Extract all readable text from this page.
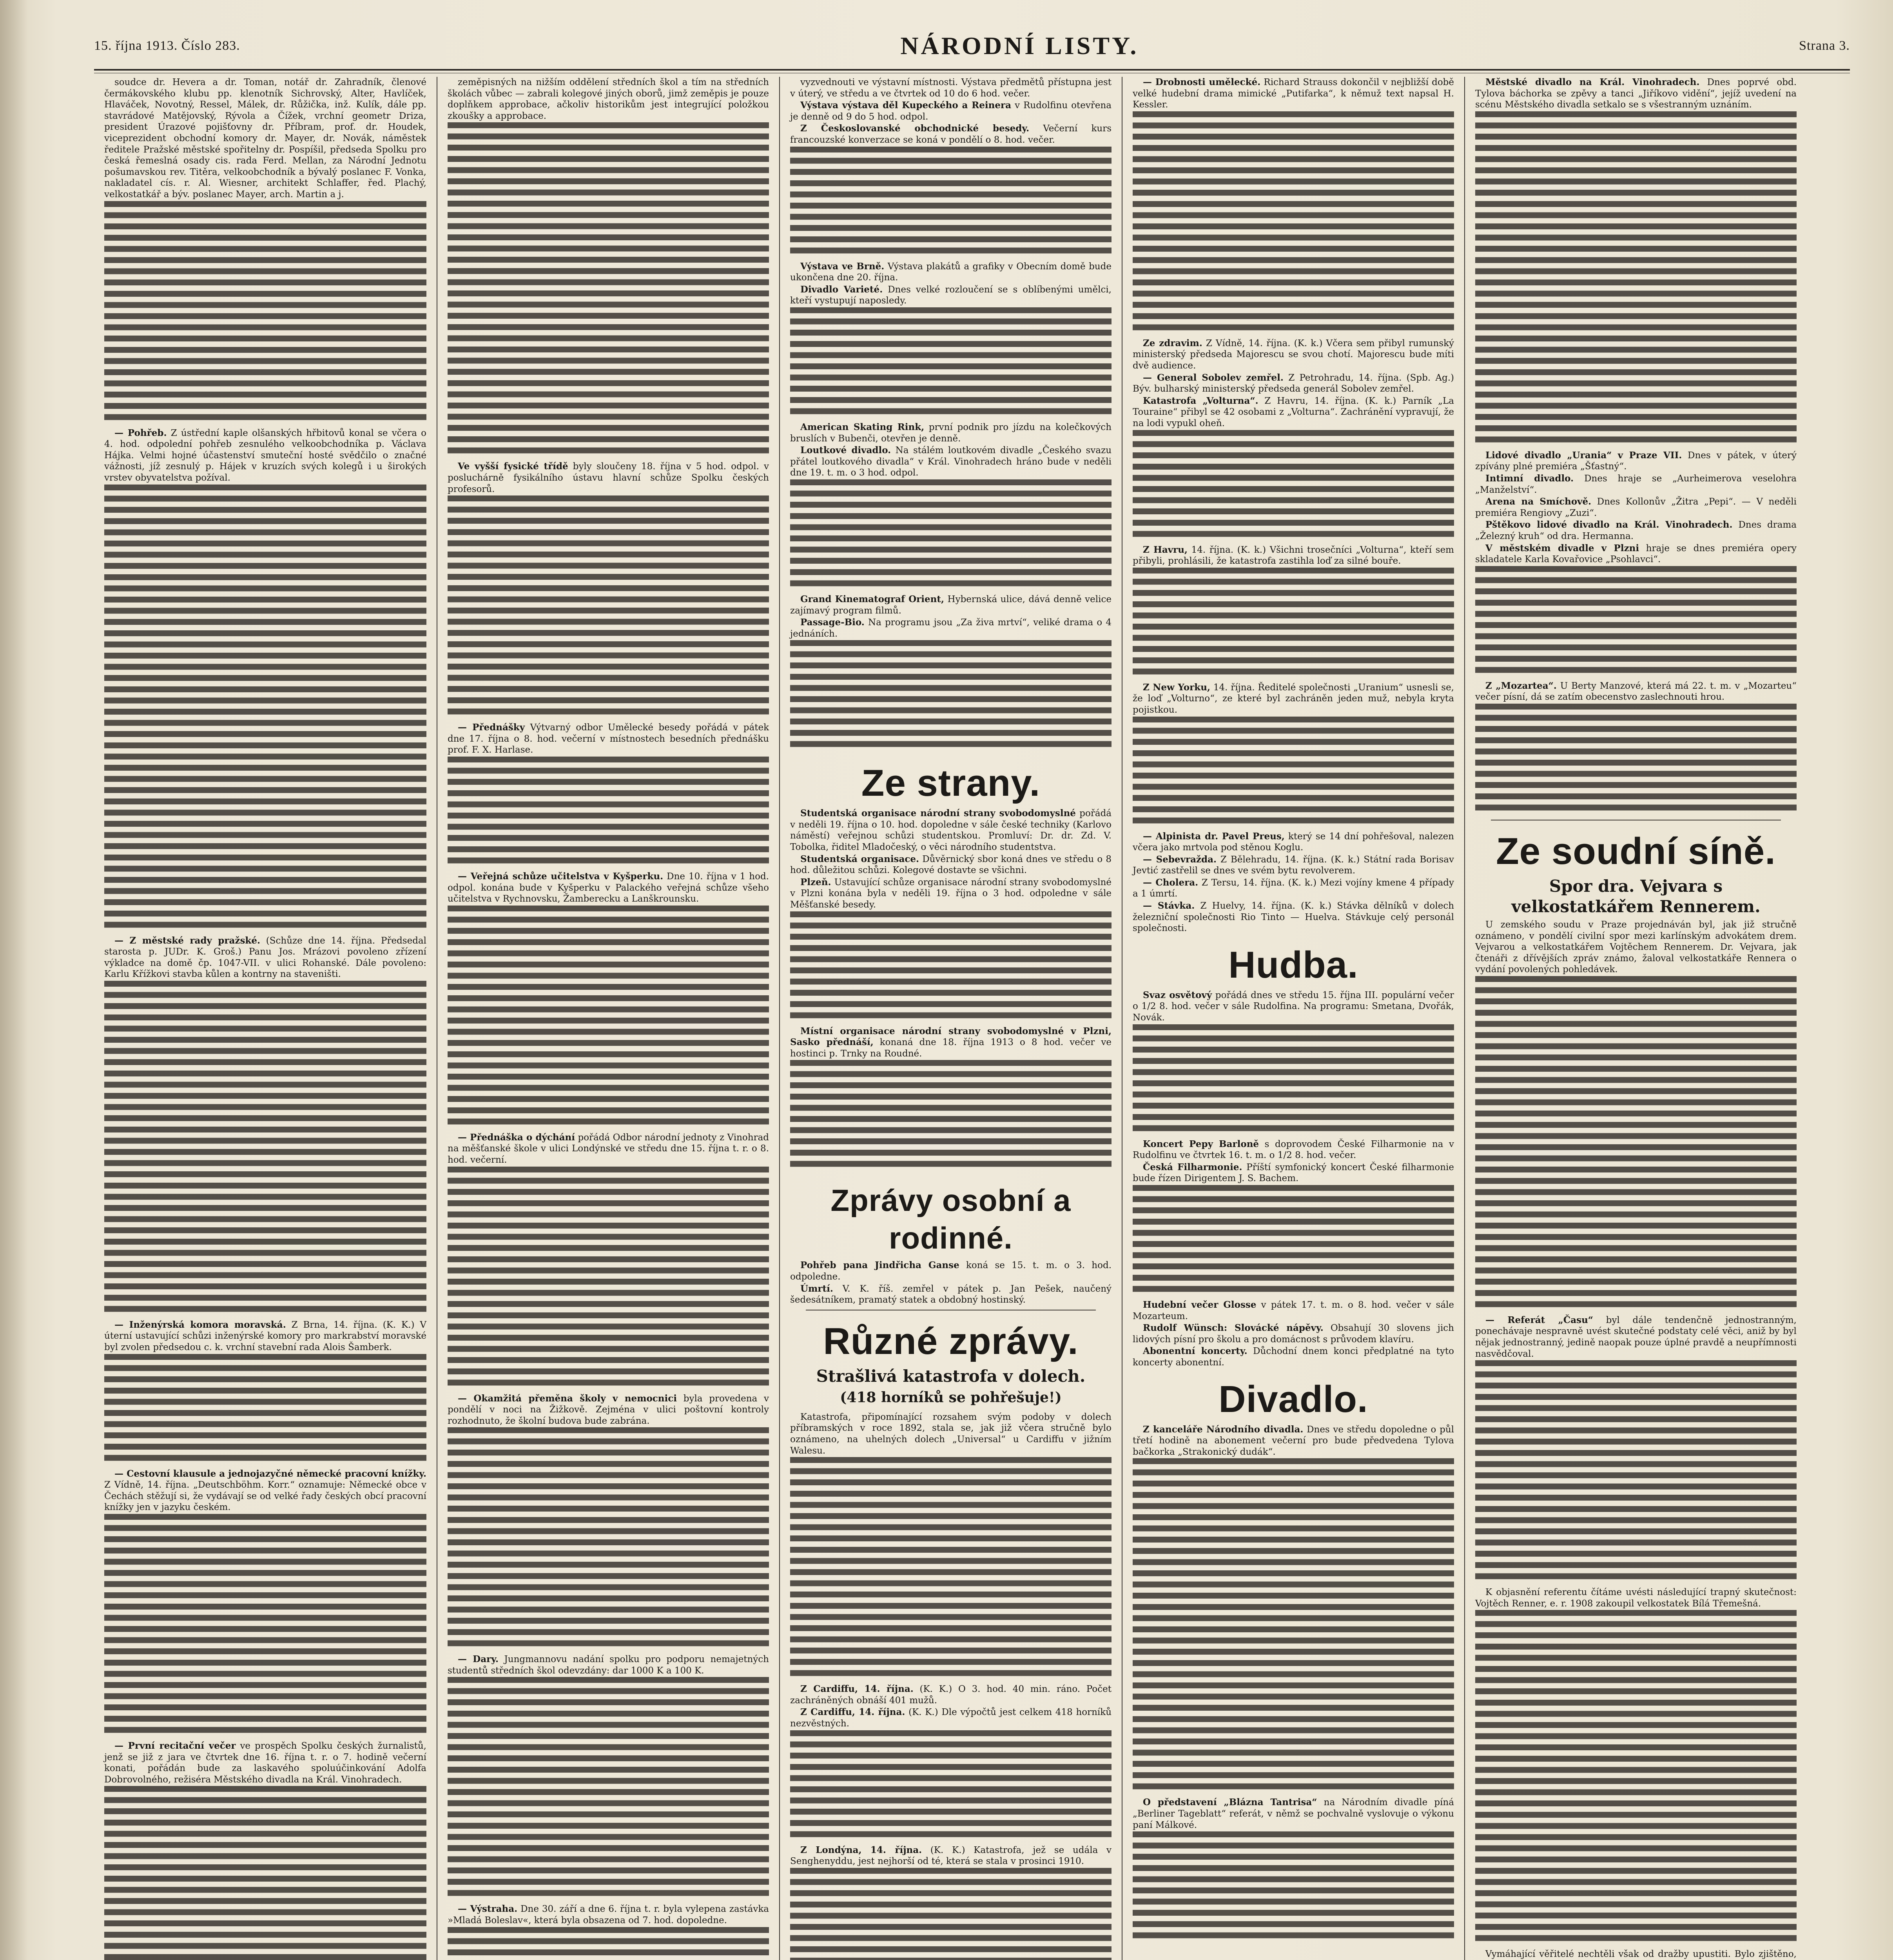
15. října 1913. Číslo 283.	NÁRODNÍ LISTY.	Strana 3.

soudce dr. Hevera a dr. Toman, notář dr. Zahradník, členové čermákovského klubu pp. klenotník Sichrovský, Alter, Havlíček, Hlaváček, Novotný, Ressel, Málek, dr. Růžička, inž. Kulík, dále pp. stavrádové Matějovský, Rývola a Čížek, vrchní geometr Driza, president Úrazové pojišťovny dr. Příbram, prof. dr. Houdek, viceprezident obchodní komory dr. Mayer, dr. Novák, náměstek ředitele Pražské městské spořitelny dr. Pospíšil, předseda Spolku pro česká řemeslná osady cis. rada Ferd. Mellan, za Národní Jednotu pošumavskou rev. Titěra, velkoobchodník a bývalý poslanec F. Vonka, nakladatel cís. r. Al. Wiesner, architekt Schlaffer, řed. Plachý, velkostatkář a býv. poslanec Mayer, arch. Martin a j.

— Pohřeb. Z ústřední kaple olšanských hřbitovů konal se včera o 4. hod. odpolední pohřeb zesnulého velkoobchodníka p. Václava Hájka. Velmi hojné účastenství smuteční hosté svědčilo o značné vážnosti, jíž zesnulý p. Hájek v kruzích svých kolegů i u širokých vrstev obyvatelstva požíval.

— Z městské rady pražské. (Schůze dne 14. října. Předsedal starosta p. JUDr. K. Groš.) Panu Jos. Mrázovi povoleno zřízení výkladce na domě čp. 1047-VII. v ulici Rohanské. Dále povoleno: Karlu Křížkovi stavba kůlen a kontrny na staveništi.

— Inženýrská komora moravská. Z Brna, 14. října. (K. K.) V úterní ustavující schůzi inženýrské komory pro markrabství moravské byl zvolen předsedou c. k. vrchní stavební rada Alois Šamberk.

— Cestovní klausule a jednojazyčné německé pracovní knížky. Z Vídně, 14. října. „Deutschböhm. Korr.“ oznamuje: Německé obce v Čechách stěžují si, že vydávají se od velké řady českých obcí pracovní knížky jen v jazyku českém.

— První recitační večer ve prospěch Spolku českých žurnalistů, jenž se již z jara ve čtvrtek dne 16. října t. r. o 7. hodině večerní konati, pořádán bude za laskavého spoluúčinkování Adolfa Dobrovolného, režiséra Městského divadla na Král. Vinohradech.

zeměpisných na nižším oddělení středních škol a tím na středních školách vůbec — zabrali kolegové jiných oborů, jimž zeměpis je pouze doplňkem approbace, ačkoliv historikům jest integrující položkou zkoušky a approbace.

Ve vyšší fysické třídě byly sloučeny 18. října v 5 hod. odpol. v posluchárně fysikálního ústavu hlavní schůze Spolku českých profesorů.

— Přednášky Výtvarný odbor Umělecké besedy pořádá v pátek dne 17. října o 8. hod. večerní v místnostech besedních přednášku prof. F. X. Harlase.

— Veřejná schůze učitelstva v Kyšperku. Dne 10. října v 1 hod. odpol. konána bude v Kyšperku v Palackého veřejná schůze všeho učitelstva v Rychnovsku, Žamberecku a Lanškrounsku.

— Přednáška o dýchání pořádá Odbor národní jednoty z Vinohrad na měšťanské škole v ulici Londýnské ve středu dne 15. října t. r. o 8. hod. večerní.

— Okamžitá přeměna školy v nemocnici byla provedena v pondělí v noci na Žižkově. Zejména v ulici poštovní kontroly rozhodnuto, že školní budova bude zabrána.

— Dary. Jungmannovu nadání spolku pro podporu nemajetných studentů středních škol odevzdány: dar 1000 K a 100 K.

— Výstraha. Dne 30. září a dne 6. října t. r. byla vylepena zastávka »Mladá Boleslav«, která byla obsazena od 7. hod. dopoledne.

vyzvednouti ve výstavní místnosti. Výstava předmětů přístupna jest v úterý, ve středu a ve čtvrtek od 10 do 6 hod. večer.

Výstava výstava děl Kupeckého a Reinera v Rudolfinu otevřena je denně od 9 do 5 hod. odpol.

Z Českoslovanské obchodnické besedy. Večerní kurs francouzské konverzace se koná v pondělí o 8. hod. večer.

Výstava ve Brně. Výstava plakátů a grafiky v Obecním domě bude ukončena dne 20. října.

Divadlo Varieté. Dnes velké rozloučení se s oblíbenými umělci, kteří vystupují naposledy.

American Skating Rink, první podnik pro jízdu na kolečkových bruslích v Bubenči, otevřen je denně.

Loutkové divadlo. Na stálém loutkovém divadle „Českého svazu přátel loutkového divadla“ v Král. Vinohradech hráno bude v neděli dne 19. t. m. o 3 hod. odpol.

Grand Kinematograf Orient, Hybernská ulice, dává denně velice zajímavý program filmů.

Passage-Bio. Na programu jsou „Za živa mrtví“, veliké drama o 4 jednáních.

Ze strany.

Studentská organisace národní strany svobodomyslné pořádá v neděli 19. října o 10. hod. dopoledne v sále české techniky (Karlovo náměstí) veřejnou schůzi studentskou. Promluví: Dr. dr. Zd. V. Tobolka, řiditel Mladočeský, o věci národního studentstva.

Studentská organisace. Důvěrnický sbor koná dnes ve středu o 8 hod. důležitou schůzi. Kolegové dostavte se všichni.

Plzeň. Ustavující schůze organisace národní strany svobodomyslné v Plzni konána byla v neděli 19. října o 3 hod. odpoledne v sále Měšťanské besedy.

Místní organisace národní strany svobodomyslné v Plzni, Sasko přednáší, konaná dne 18. října 1913 o 8 hod. večer ve hostinci p. Trnky na Roudné.

Zprávy osobní a rodinné.

Pohřeb pana Jindřicha Ganse koná se 15. t. m. o 3. hod. odpoledne.

Úmrtí. V. K. říš. zemřel v pátek p. Jan Pešek, naučený šedesátníkem, pramatý statek a obdobný hostinský.

Různé zprávy.
Strašlivá katastrofa v dolech.
(418 horníků se pohřešuje!)

Katastrofa, připomínající rozsahem svým podoby v dolech příbramských v roce 1892, stala se, jak již včera stručně bylo oznámeno, na uhelných dolech „Universal“ u Cardiffu v jižním Walesu.

Z Cardiffu, 14. října. (K. K.) O 3. hod. 40 min. ráno. Počet zachráněných obnáší 401 mužů.

Z Cardiffu, 14. října. (K. K.) Dle výpočtů jest celkem 418 horníků nezvěstných.

Z Londýna, 14. října. (K. K.) Katastrofa, jež se udála v Senghenyddu, jest nejhorší od té, která se stala v prosinci 1910.

— Drobnosti umělecké. Richard Strauss dokončil v nejbližší době velké hudební drama mimické „Putifarka“, k němuž text napsal H. Kessler.

Ze zdravim. Z Vídně, 14. října. (K. k.) Včera sem přibyl rumunský ministerský předseda Majorescu se svou chotí. Majorescu bude míti dvě audience.

— General Sobolev zemřel. Z Petrohradu, 14. října. (Spb. Ag.) Býv. bulharský ministerský předseda generál Sobolev zemřel.

Katastrofa „Volturna“. Z Havru, 14. října. (K. k.) Parník „La Touraine“ přibyl se 42 osobami z „Volturna“. Zachránění vypravují, že na lodi vypukl oheň.

Z Havru, 14. října. (K. k.) Všichni trosečníci „Volturna“, kteří sem přibyli, prohlásili, že katastrofa zastihla loď za silné bouře.

Z New Yorku, 14. října. Ředitelé společnosti „Uranium“ usnesli se, že loď „Volturno“, ze které byl zachráněn jeden muž, nebyla kryta pojistkou.

— Alpinista dr. Pavel Preus, který se 14 dní pohřešoval, nalezen včera jako mrtvola pod stěnou Koglu.

— Sebevražda. Z Bělehradu, 14. října. (K. k.) Státní rada Borisav Jevtić zastřelil se dnes ve svém bytu revolverem.

— Cholera. Z Tersu, 14. října. (K. k.) Mezi vojíny kmene 4 případy a 1 úmrtí.

— Stávka. Z Huelvy, 14. října. (K. k.) Stávka dělníků v dolech železniční společnosti Rio Tinto — Huelva. Stávkuje celý personál společnosti.

Hudba.

Svaz osvětový pořádá dnes ve středu 15. října III. populární večer o 1/2 8. hod. večer v sále Rudolfina. Na programu: Smetana, Dvořák, Novák.

Koncert Pepy Barloně s doprovodem České Filharmonie na v Rudolfinu ve čtvrtek 16. t. m. o 1/2 8. hod. večer.

Česká Filharmonie. Příští symfonický koncert České filharmonie bude řízen Dirigentem J. S. Bachem.

Hudební večer Glosse v pátek 17. t. m. o 8. hod. večer v sále Mozarteum.

Rudolf Wünsch: Slovácké nápěvy. Obsahují 30 slovens jich lidových písní pro školu a pro domácnost s průvodem klavíru.

Abonentní koncerty. Důchodní dnem konci předplatné na tyto koncerty abonentní.

Divadlo.

Z kanceláře Národního divadla. Dnes ve středu dopoledne o půl třetí hodině na abonement večerní pro bude předvedena Tylova bačkorka „Strakonický dudák“.

O představení „Blázna Tantrisa“ na Národním divadle píná „Berliner Tageblatt“ referát, v němž se pochvalně vyslovuje o výkonu paní Málkové.

Městské divadlo na Král. Vinohradech. Dnes poprvé obd. Tylova báchorka se zpěvy a tanci „Jiříkovo vidění“, jejíž uvedení na scénu Městského divadla setkalo se s všestranným uznáním.

Lidové divadlo „Urania“ v Praze VII. Dnes v pátek, v úterý zpívány plné premiéra „Šťastný“.

Intimní divadlo. Dnes hraje se „Aurheimerova veselohra „Manželství“.

Arena na Smíchově. Dnes Kollonův „Žitra „Pepi“. — V neděli premiéra Rengiovy „Zuzi“.

Pštěkovo lidové divadlo na Král. Vinohradech. Dnes drama „Železný kruh“ od dra. Hermanna.

V městském divadle v Plzni hraje se dnes premiéra opery skladatele Karla Kovařovice „Psohlavci“.

Z „Mozartea“. U Berty Manzové, která má 22. t. m. v „Mozarteu“ večer písní, dá se zatím obecenstvo zaslechnouti hrou.

Ze soudní síně.
Spor dra. Vejvara s velkostatkářem Rennerem.

U zemského soudu v Praze projednáván byl, jak již stručně oznámeno, v pondělí civilní spor mezi karlínským advokátem drem. Vejvarou a velkostatkářem Vojtěchem Rennerem. Dr. Vejvara, jak čtenáři z dřívějších zpráv známo, žaloval velkostatkáře Rennera o vydání povolených pohledávek.

— Referát „Času“ byl dále tendenčně jednostranným, ponechávaje nespravně uvést skutečné podstaty celé věci, aniž by byl nějak jednostranný, jedině naopak pouze úplné pravdě a neupřímnosti nasvědčoval.

K objasnění referentu čítáme uvésti následující trapný skutečnost: Vojtěch Renner, e. r. 1908 zakoupil velkostatek Bílá Třemešná.

Vymáhající věřitelé nechtěli však od dražby upustiti. Bylo zjištěno,
